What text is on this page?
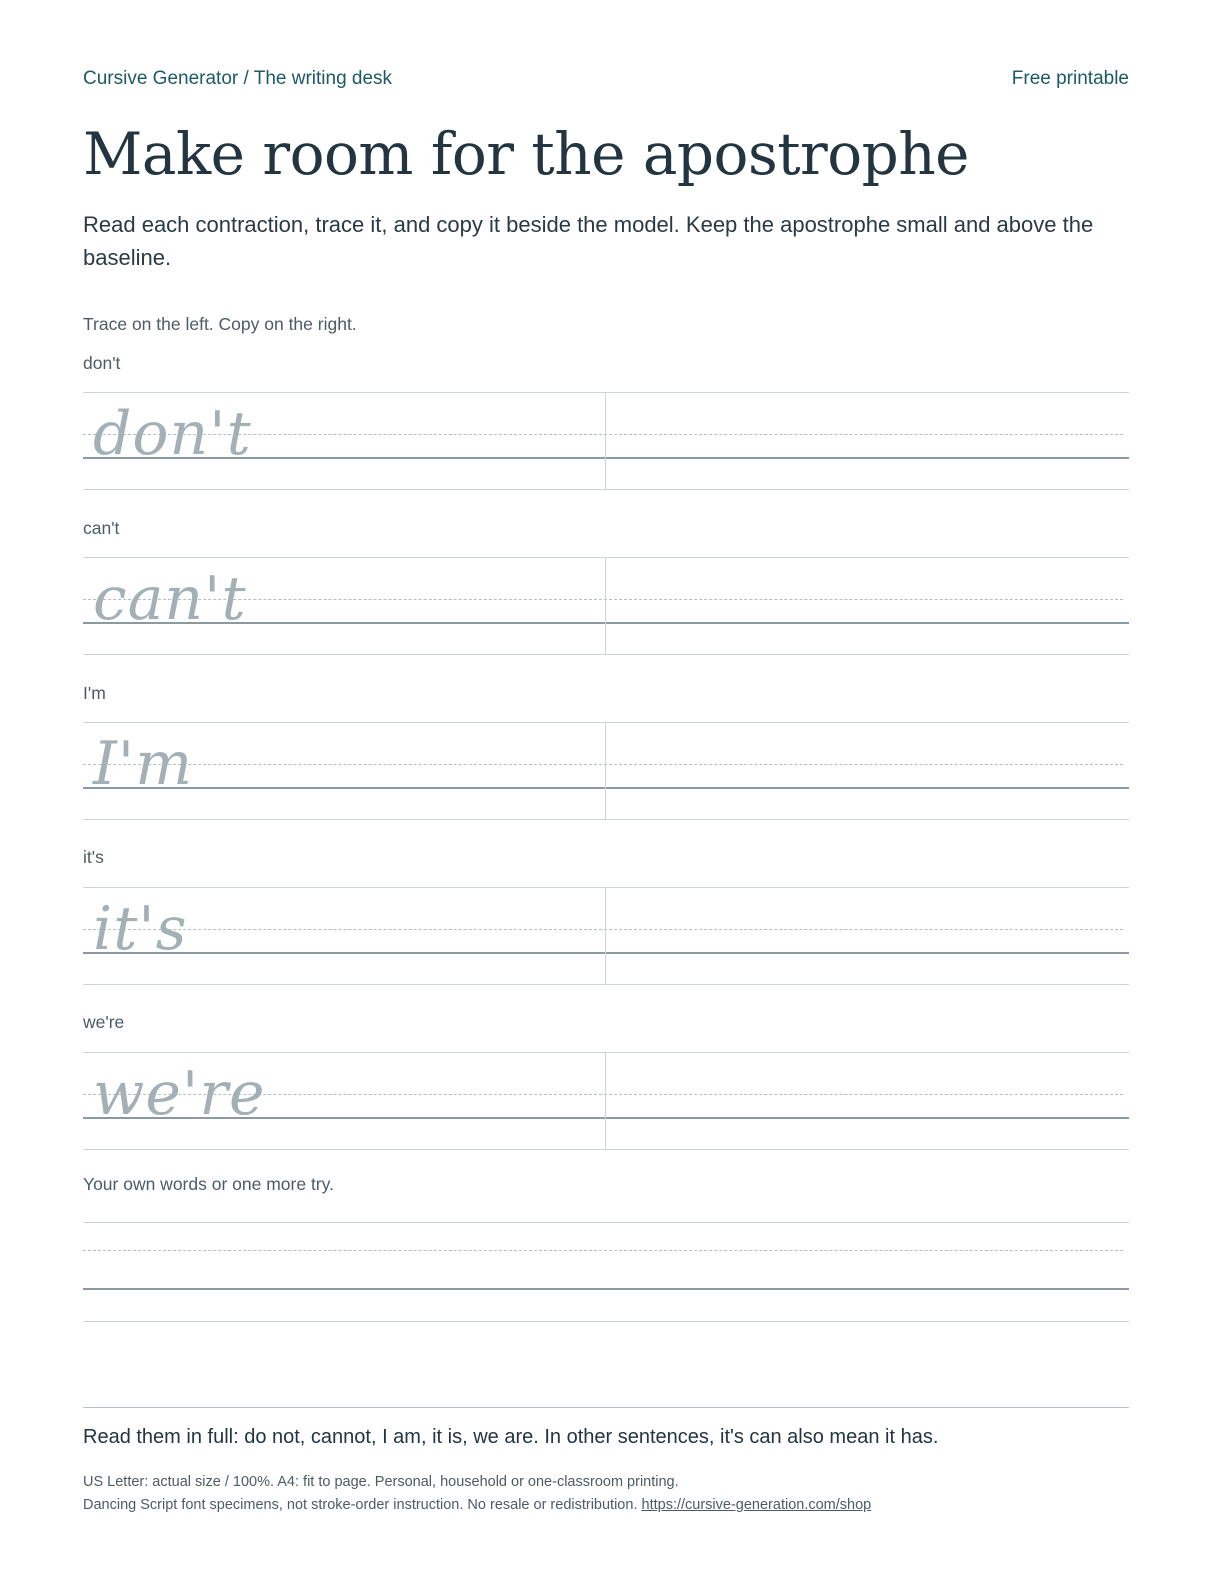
Cursive Generator / The writing desk	Free printable
Make room for the apostrophe

Read each contraction, trace it, and copy it beside the model. Keep the apostrophe small and above the baseline.

Trace on the left. Copy on the right.
don't
don't
can't
can't
I'm
I'm
it's
it's
we're
we're
Your own words or one more try.
Read them in full: do not, cannot, I am, it is, we are. In other sentences, it's can also mean it has.
US Letter: actual size / 100%. A4: fit to page. Personal, household or one-classroom printing.
Dancing Script font specimens, not stroke-order instruction. No resale or redistribution. https://cursive-generation.com/shop
